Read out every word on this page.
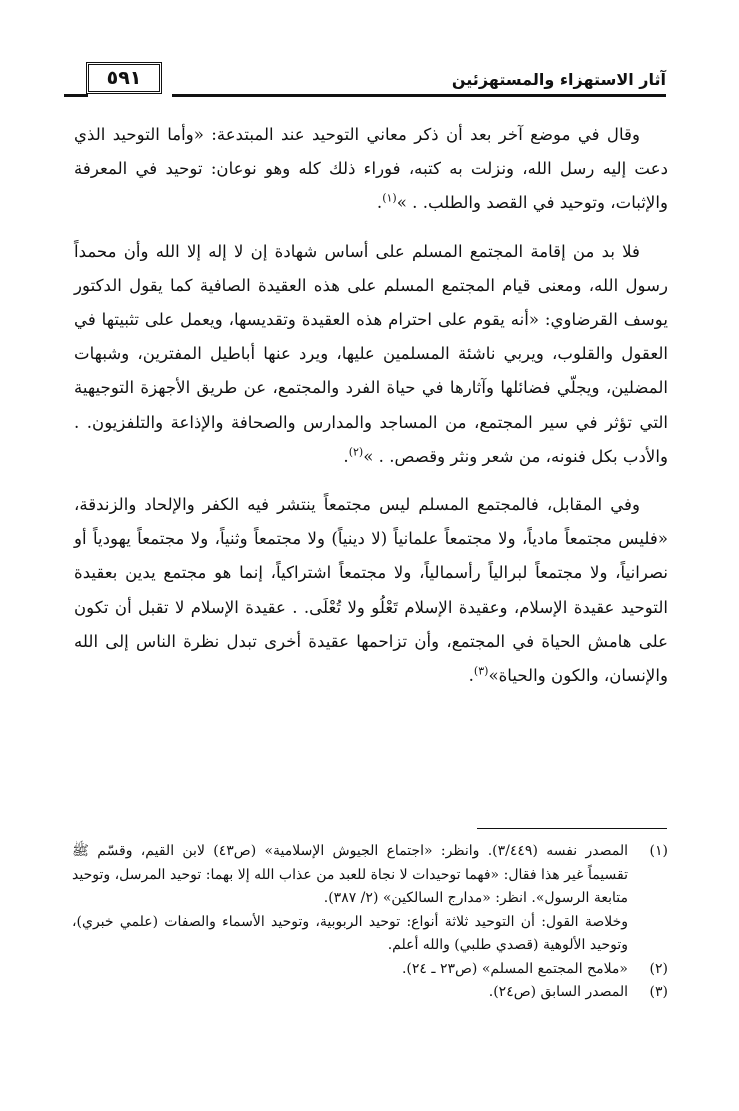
آثار الاستهزاء والمستهزئين
٥٩١

وقال في موضع آخر بعد أن ذكر معاني التوحيد عند المبتدعة: «وأما التوحيد الذي دعت إليه رسل الله، ونزلت به كتبه، فوراء ذلك كله وهو نوعان: توحيد في المعرفة والإثبات، وتوحيد في القصد والطلب. . »$^{(١)}$.

فلا بد من إقامة المجتمع المسلم على أساس شهادة إن لا إله إلا الله وأن محمداً رسول الله، ومعنى قيام المجتمع المسلم على هذه العقيدة الصافية كما يقول الدكتور يوسف القرضاوي: «أنه يقوم على احترام هذه العقيدة وتقديسها، ويعمل على تثبيتها في العقول والقلوب، ويربي ناشئة المسلمين عليها، ويرد عنها أباطيل المفترين، وشبهات المضلين، ويجلّي فضائلها وآثارها في حياة الفرد والمجتمع، عن طريق الأجهزة التوجيهية التي تؤثر في سير المجتمع، من المساجد والمدارس والصحافة والإذاعة والتلفزيون. . والأدب بكل فنونه، من شعر ونثر وقصص. . »$^{(٢)}$.

وفي المقابل، فالمجتمع المسلم ليس مجتمعاً ينتشر فيه الكفر والإلحاد والزندقة، «فليس مجتمعاً مادياً، ولا مجتمعاً علمانياً (لا دينياً) ولا مجتمعاً وثنياً، ولا مجتمعاً يهودياً أو نصرانياً، ولا مجتمعاً لبرالياً رأسمالياً، ولا مجتمعاً اشتراكياً، إنما هو مجتمع يدين بعقيدة التوحيد عقيدة الإسلام، وعقيدة الإسلام تَعْلُو ولا تُعْلَى. . عقيدة الإسلام لا تقبل أن تكون على هامش الحياة في المجتمع، وأن تزاحمها عقيدة أخرى تبدل نظرة الناس إلى الله والإنسان، والكون والحياة»$^{(٣)}$.

(١)

المصدر نفسه (٣/٤٤٩). وانظر: «اجتماع الجيوش الإسلامية» (ص٤٣) لابن القيم، وقسّم ﷺ تقسيماً غير هذا فقال: «فهما توحيدات لا نجاة للعبد من عذاب الله إلا بهما: توحيد المرسل، وتوحيد متابعة الرسول». انظر: «مدارج السالكين» (٢/ ٣٨٧).

وخلاصة القول: أن التوحيد ثلاثة أنواع: توحيد الربوبية، وتوحيد الأسماء والصفات (علمي خبري)، وتوحيد الألوهية (قصدي طلبي) والله أعلم.

(٢)

«ملامح المجتمع المسلم» (ص٢٣ ـ ٢٤).

(٣)

المصدر السابق (ص٢٤).
